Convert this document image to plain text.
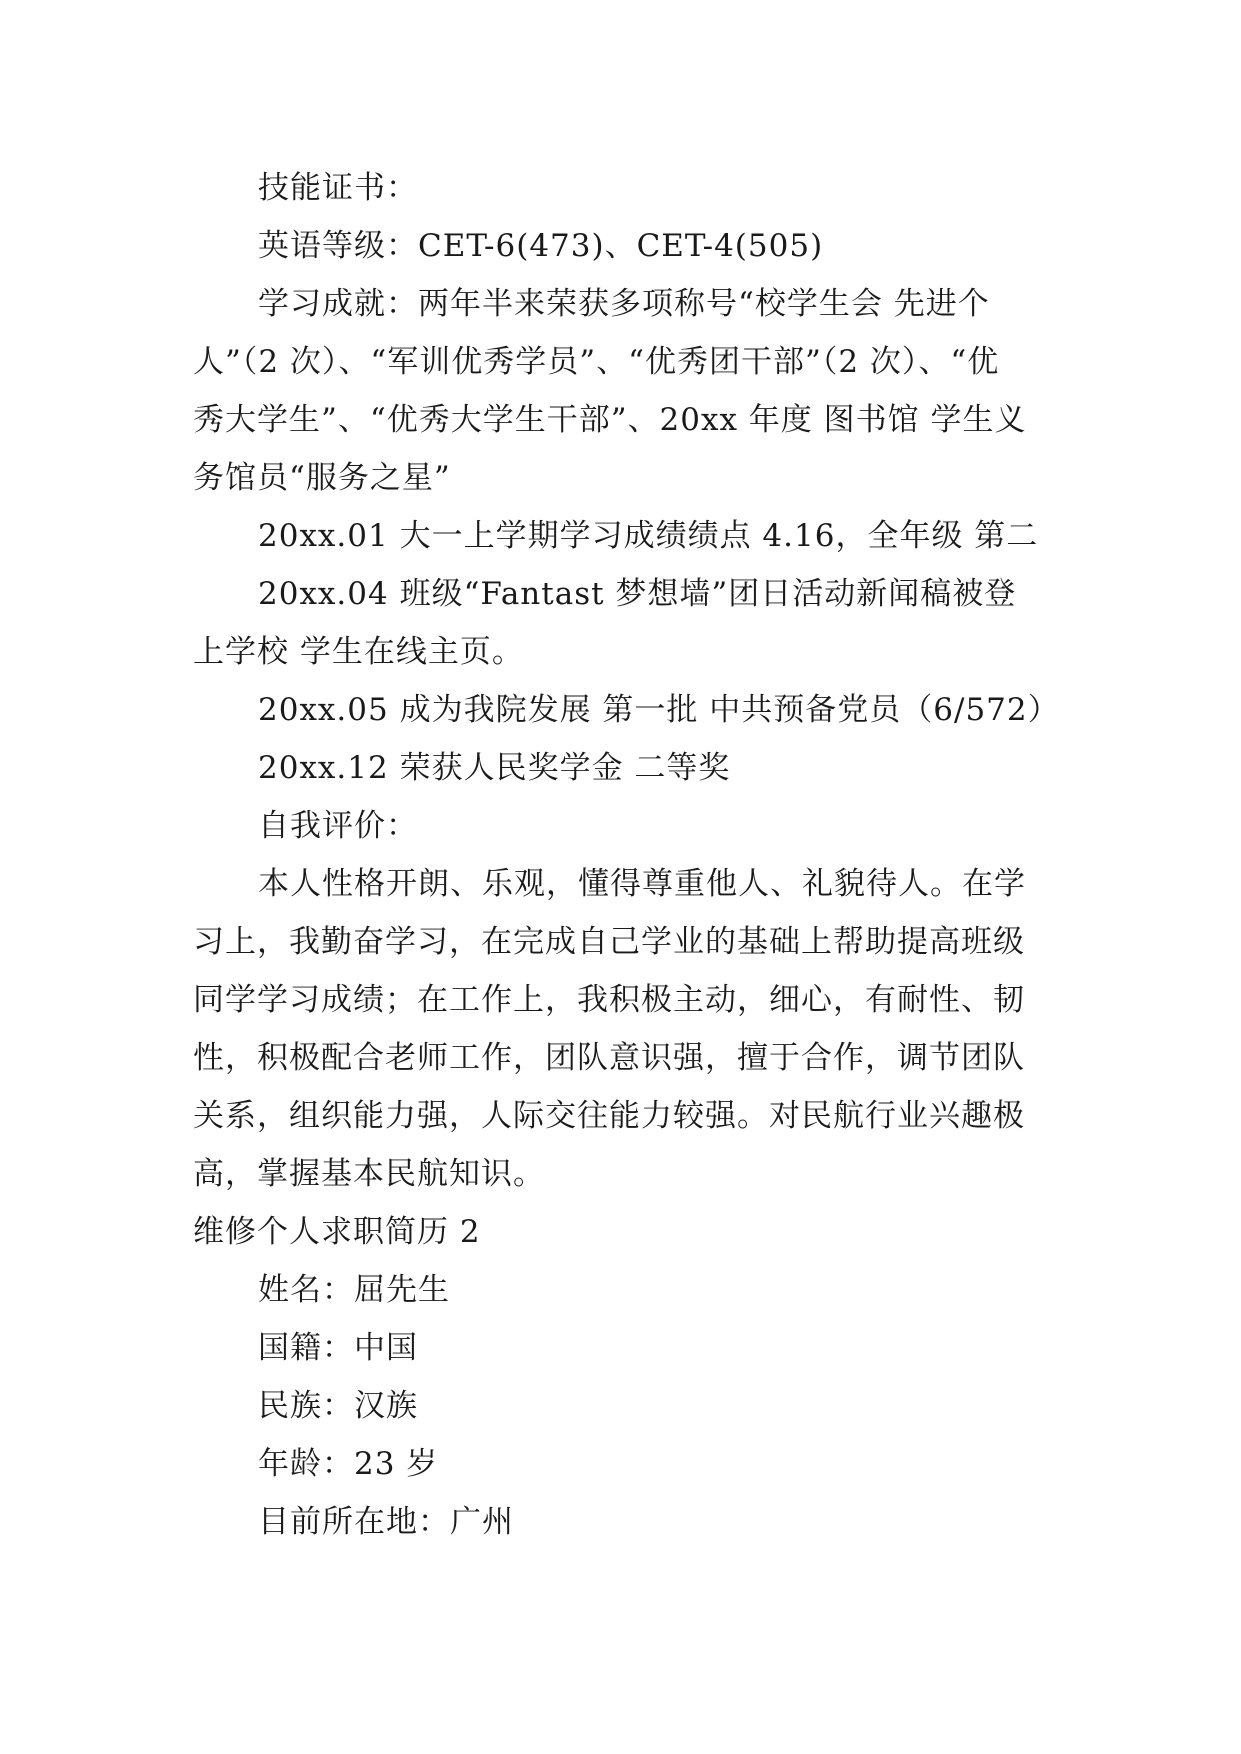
技能证书：

英语等级：CET-6(473)、CET-4(505)

学习成就：两年半来荣获多项称号“校学生会 先进个

人”（2 次）、“军训优秀学员”、“优秀团干部”（2 次）、“优

秀大学生”、“优秀大学生干部”、20xx 年度 图书馆 学生义

务馆员“服务之星”

20xx.01 大一上学期学习成绩绩点 4.16，全年级 第二

20xx.04 班级“Fantast 梦想墙”团日活动新闻稿被登

上学校 学生在线主页。

20xx.05 成为我院发展 第一批 中共预备党员（6/572）

20xx.12 荣获人民奖学金 二等奖

自我评价：

本人性格开朗、乐观，懂得尊重他人、礼貌待人。在学

习上，我勤奋学习，在完成自己学业的基础上帮助提高班级

同学学习成绩；在工作上，我积极主动，细心，有耐性、韧

性，积极配合老师工作，团队意识强，擅于合作，调节团队

关系，组织能力强，人际交往能力较强。对民航行业兴趣极

高，掌握基本民航知识。

维修个人求职简历 2

姓名：屈先生

国籍：中国

民族：汉族

年龄：23 岁

目前所在地：广州
